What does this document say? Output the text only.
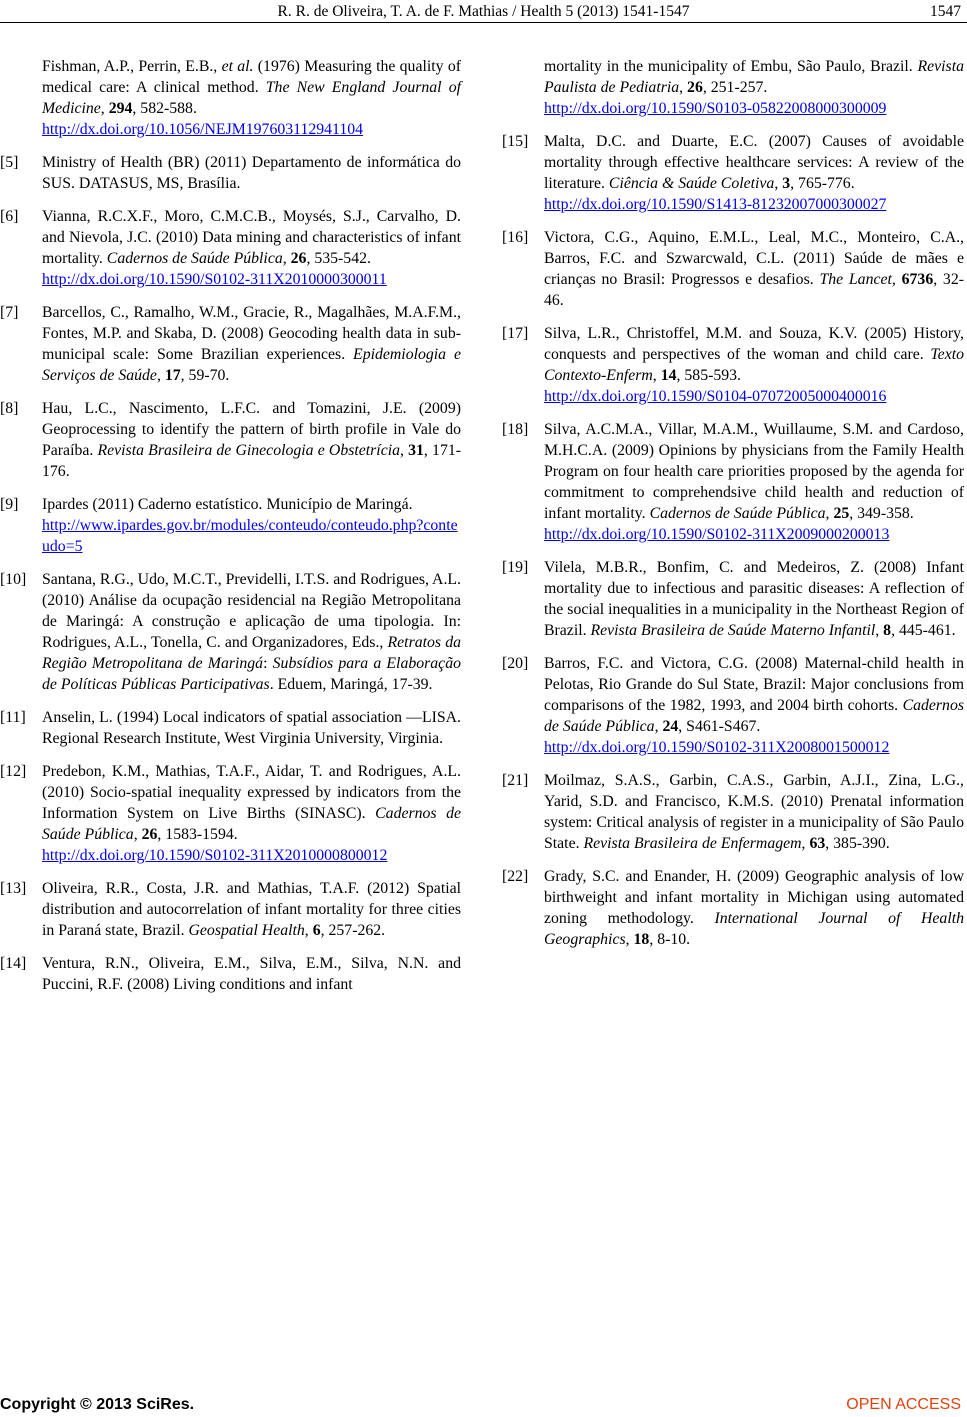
R. R. de Oliveira, T. A. de F. Mathias / Health 5 (2013) 1541-1547	1547
Fishman, A.P., Perrin, E.B., et al. (1976) Measuring the quality of medical care: A clinical method. The New England Journal of Medicine, 294, 582-588.
http://dx.doi.org/10.1056/NEJM197603112941104
[5] Ministry of Health (BR) (2011) Departamento de informática do SUS. DATASUS, MS, Brasília.
[6] Vianna, R.C.X.F., Moro, C.M.C.B., Moysés, S.J., Carvalho, D. and Nievola, J.C. (2010) Data mining and characteristics of infant mortality. Cadernos de Saúde Pública, 26, 535-542.
http://dx.doi.org/10.1590/S0102-311X2010000300011
[7] Barcellos, C., Ramalho, W.M., Gracie, R., Magalhães, M.A.F.M., Fontes, M.P. and Skaba, D. (2008) Geocoding health data in sub-municipal scale: Some Brazilian experiences. Epidemiologia e Serviços de Saúde, 17, 59-70.
[8] Hau, L.C., Nascimento, L.F.C. and Tomazini, J.E. (2009) Geoprocessing to identify the pattern of birth profile in Vale do Paraíba. Revista Brasileira de Ginecologia e Obstetrícia, 31, 171-176.
[9] Ipardes (2011) Caderno estatístico. Município de Maringá.
http://www.ipardes.gov.br/modules/conteudo/conteudo.php?conteudo=5
[10] Santana, R.G., Udo, M.C.T., Previdelli, I.T.S. and Rodrigues, A.L. (2010) Análise da ocupação residencial na Região Metropolitana de Maringá: A construção e aplicação de uma tipologia. In: Rodrigues, A.L., Tonella, C. and Organizadores, Eds., Retratos da Região Metropolitana de Maringá: Subsídios para a Elaboração de Políticas Públicas Participativas. Eduem, Maringá, 17-39.
[11] Anselin, L. (1994) Local indicators of spatial association —LISA. Regional Research Institute, West Virginia University, Virginia.
[12] Predebon, K.M., Mathias, T.A.F., Aidar, T. and Rodrigues, A.L. (2010) Socio-spatial inequality expressed by indicators from the Information System on Live Births (SINASC). Cadernos de Saúde Pública, 26, 1583-1594.
http://dx.doi.org/10.1590/S0102-311X2010000800012
[13] Oliveira, R.R., Costa, J.R. and Mathias, T.A.F. (2012) Spatial distribution and autocorrelation of infant mortality for three cities in Paraná state, Brazil. Geospatial Health, 6, 257-262.
[14] Ventura, R.N., Oliveira, E.M., Silva, E.M., Silva, N.N. and Puccini, R.F. (2008) Living conditions and infant
mortality in the municipality of Embu, São Paulo, Brazil. Revista Paulista de Pediatria, 26, 251-257.
http://dx.doi.org/10.1590/S0103-05822008000300009
[15] Malta, D.C. and Duarte, E.C. (2007) Causes of avoidable mortality through effective healthcare services: A review of the literature. Ciência & Saúde Coletiva, 3, 765-776.
http://dx.doi.org/10.1590/S1413-81232007000300027
[16] Victora, C.G., Aquino, E.M.L., Leal, M.C., Monteiro, C.A., Barros, F.C. and Szwarcwald, C.L. (2011) Saúde de mães e crianças no Brasil: Progressos e desafios. The Lancet, 6736, 32-46.
[17] Silva, L.R., Christoffel, M.M. and Souza, K.V. (2005) History, conquests and perspectives of the woman and child care. Texto Contexto-Enferm, 14, 585-593.
http://dx.doi.org/10.1590/S0104-07072005000400016
[18] Silva, A.C.M.A., Villar, M.A.M., Wuillaume, S.M. and Cardoso, M.H.C.A. (2009) Opinions by physicians from the Family Health Program on four health care priorities proposed by the agenda for commitment to comprehendsive child health and reduction of infant mortality. Cadernos de Saúde Pública, 25, 349-358.
http://dx.doi.org/10.1590/S0102-311X2009000200013
[19] Vilela, M.B.R., Bonfim, C. and Medeiros, Z. (2008) Infant mortality due to infectious and parasitic diseases: A reflection of the social inequalities in a municipality in the Northeast Region of Brazil. Revista Brasileira de Saúde Materno Infantil, 8, 445-461.
[20] Barros, F.C. and Victora, C.G. (2008) Maternal-child health in Pelotas, Rio Grande do Sul State, Brazil: Major conclusions from comparisons of the 1982, 1993, and 2004 birth cohorts. Cadernos de Saúde Pública, 24, S461-S467.
http://dx.doi.org/10.1590/S0102-311X2008001500012
[21] Moilmaz, S.A.S., Garbin, C.A.S., Garbin, A.J.I., Zina, L.G., Yarid, S.D. and Francisco, K.M.S. (2010) Prenatal information system: Critical analysis of register in a municipality of São Paulo State. Revista Brasileira de Enfermagem, 63, 385-390.
[22] Grady, S.C. and Enander, H. (2009) Geographic analysis of low birthweight and infant mortality in Michigan using automated zoning methodology. International Journal of Health Geographics, 18, 8-10.
Copyright © 2013 SciRes.	OPEN ACCESS
